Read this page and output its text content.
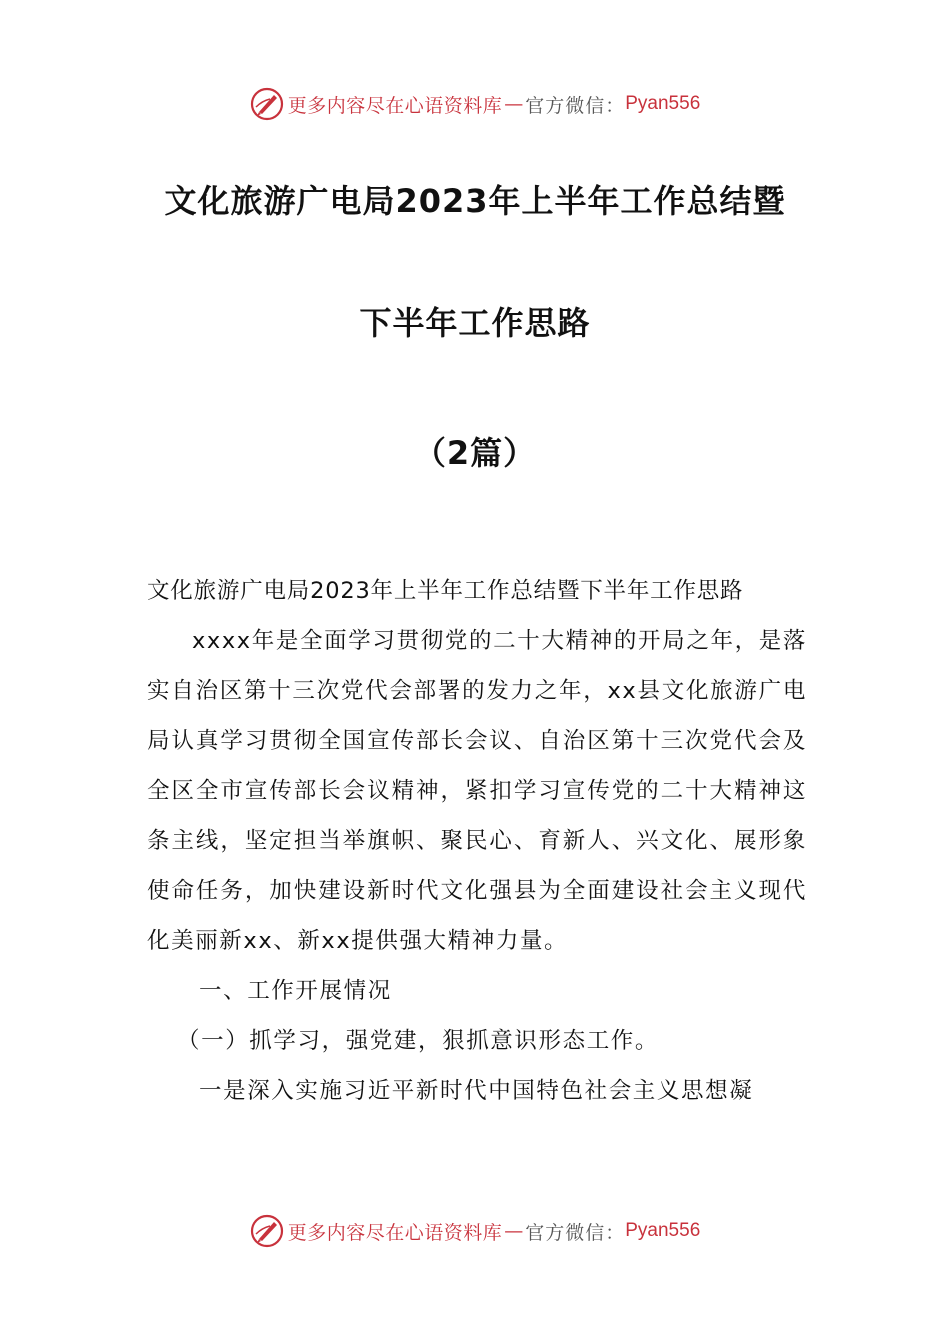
更多内容尽在心语资料库 — 官方微信： Pyan556
文化旅游广电局2023年上半年工作总结暨
下半年工作思路
（2篇）

文化旅游广电局2023年上半年工作总结暨下半年工作思路

xxxx年是全面学习贯彻党的二十大精神的开局之年，是落实自治区第十三次党代会部署的发力之年，xx县文化旅游广电局认真学习贯彻全国宣传部长会议、自治区第十三次党代会及全区全市宣传部长会议精神，紧扣学习宣传党的二十大精神这条主线，坚定担当举旗帜、聚民心、育新人、兴文化、展形象使命任务，加快建设新时代文化强县为全面建设社会主义现代化美丽新xx、新xx提供强大精神力量。

一、工作开展情况

（一）抓学习，强党建，狠抓意识形态工作。

一是深入实施习近平新时代中国特色社会主义思想凝

更多内容尽在心语资料库 — 官方微信： Pyan556
